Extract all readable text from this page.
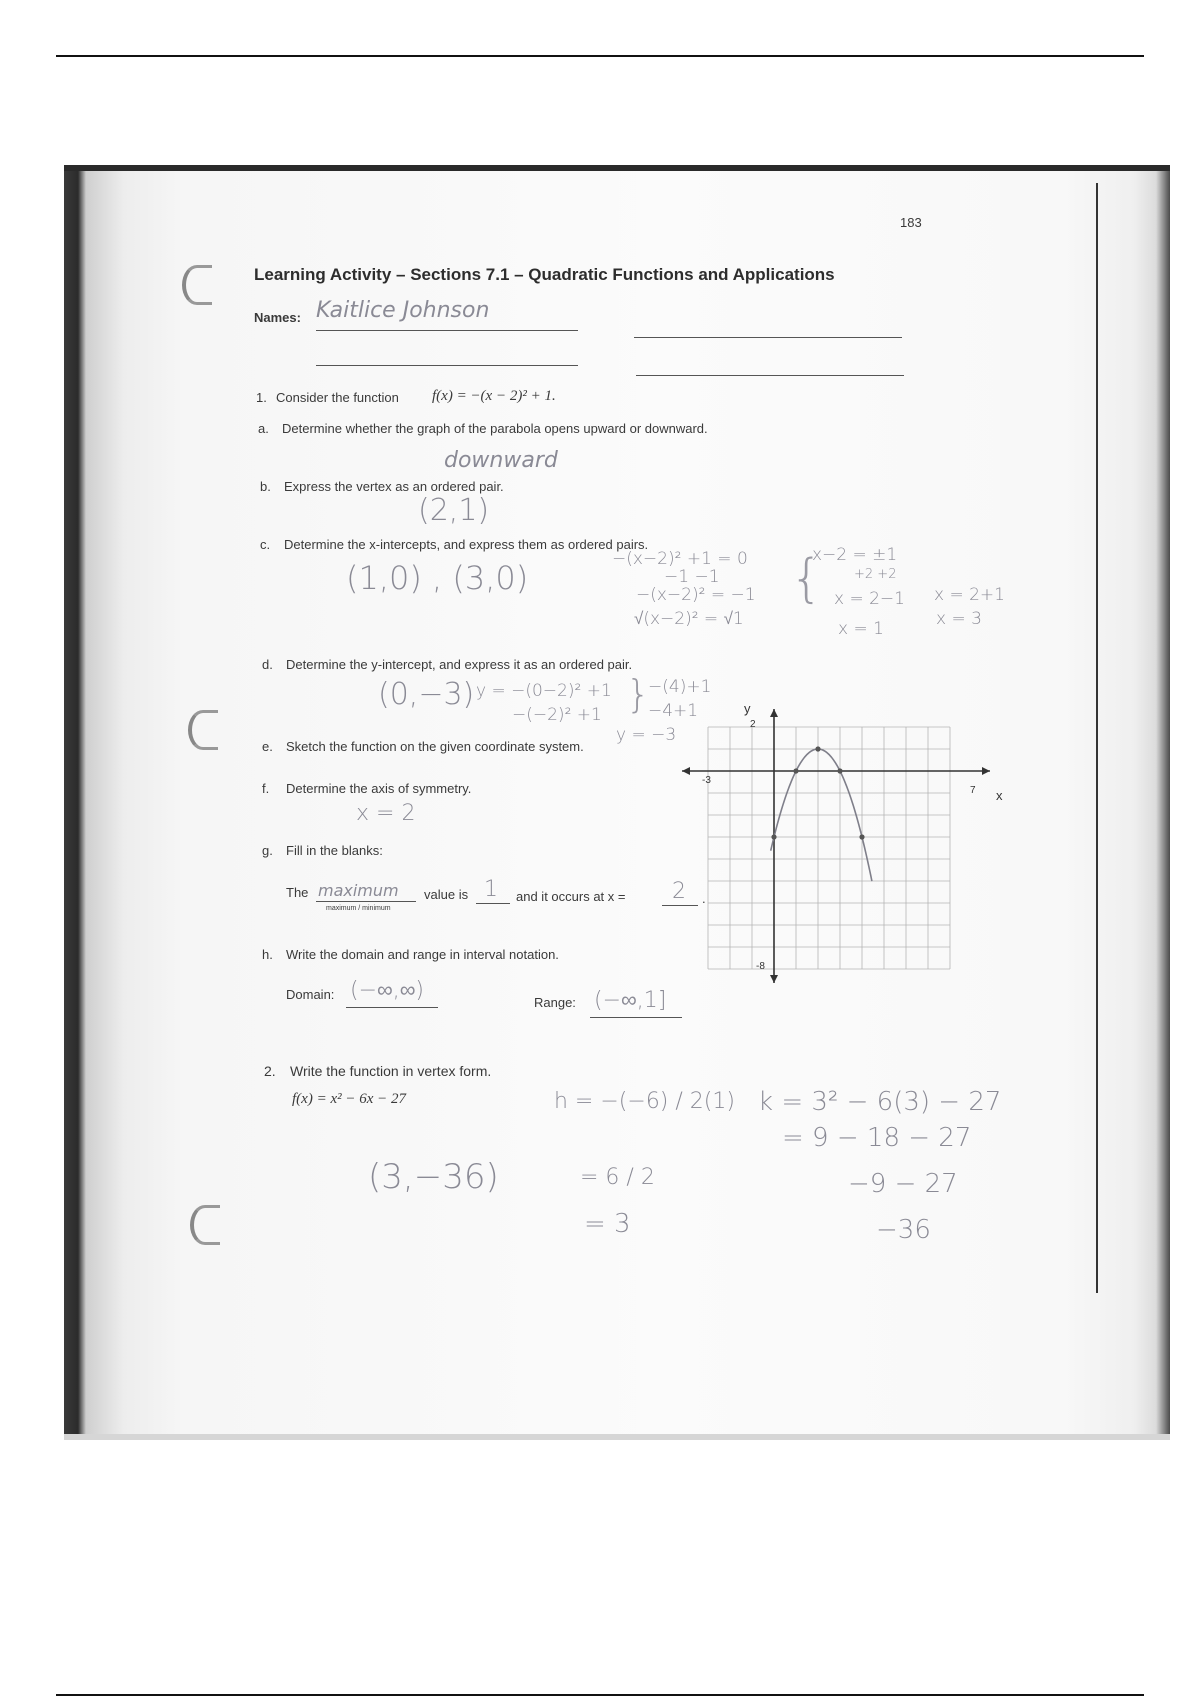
183
Learning Activity – Sections 7.1 – Quadratic Functions and Applications
Names: Kaitlice Johnson
1. Consider the function f(x) = −(x − 2)² + 1.
a. Determine whether the graph of the parabola opens upward or downward.
downward
b. Express the vertex as an ordered pair.
(2,1)
c. Determine the x-intercepts, and express them as ordered pairs.
(1,0) , (3,0)	−(x−2)² +1 = 0
−1 −1
−(x−2)² = −1
√(x−2)² = √1
{
x−2 = ±1
+2 +2
x = 2−1
x = 1
x = 2+1
x = 3
d. Determine the y-intercept, and express it as an ordered pair.
(0,−3) y = −(0−2)² +1
−(−2)² +1 }
−(4)+1
−4+1
y = −3
e. Sketch the function on the given coordinate system.
f. Determine the axis of symmetry.
x = 2
g. Fill in the blanks:
The maximum
maximum / minimum
value is 1 and it occurs at x = 2 .
h. Write the domain and range in interval notation.
Domain: (−∞,∞)	Range: (−∞,1]
y
x
2
-8
-3
7
2. Write the function in vertex form.
f(x) = x² − 6x − 27
(3,−36)
h = −(−6) / 2(1)
= 6 / 2
= 3
k = 3² − 6(3) − 27
= 9 − 18 − 27
−9 − 27
−36
